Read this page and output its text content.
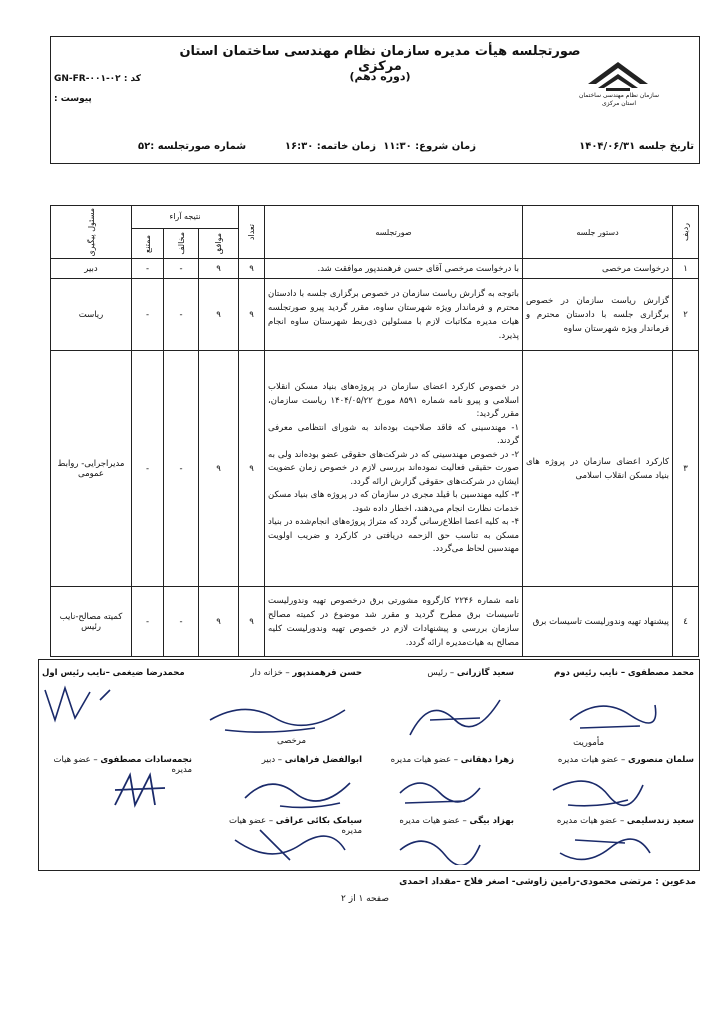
صورتجلسه هیأت مدیره سازمان نظام مهندسی ساختمان استان مرکزی
(دوره دهم)
سازمان نظام مهندسی ساختمان استان مرکزی
کد : GN-FR-۰۰۱-۰۲
پیوست :
تاریخ جلسه ۱۴۰۴/۰۶/۳۱
زمان شروع: ۱۱:۳۰
زمان خاتمه: ۱۶:۳۰
شماره صورتجلسه :۵۲
ردیف	دستور جلسه	صورتجلسه	تعداد	نتیجه آراء			مسئول پیگیری

				موافق	مخالف	ممتنع	

۱	درخواست مرخصی	با درخواست مرخصی آقای حسن فرهمندپور موافقت شد.	۹	۹	-	-	دبیر
۲	گزارش ریاست سازمان در خصوص برگزاری جلسه با دادستان محترم و فرماندار ویژه شهرستان ساوه	باتوجه به گزارش ریاست سازمان در خصوص برگزاری جلسه با دادستان محترم و فرماندار ویژه شهرستان ساوه، مقرر گردید پیرو صورتجلسه هیات مدیره مکاتبات لازم با مسئولین ذی‌ربط شهرستان ساوه انجام پذیرد.	۹	۹	-	-	ریاست
۳	کارکرد اعضای سازمان در پروژه های بنیاد مسکن انقلاب اسلامی	در خصوص کارکرد اعضای سازمان در پروژه‌های بنیاد مسکن انقلاب اسلامی و پیرو نامه شماره ۸۵۹۱ مورخ ۱۴۰۴/۰۵/۲۲ ریاست سازمان، مقرر گردید:
۱- مهندسینی که فاقد صلاحیت بوده‌اند به شورای انتظامی معرفی گردند.
۲- در خصوص مهندسینی که در شرکت‌های حقوقی عضو بوده‌اند ولی به صورت حقیقی فعالیت نموده‌اند بررسی لازم در خصوص زمان عضویت ایشان در شرکت‌های حقوقی گزارش ارائه گردد.
۳- کلیه مهندسین با قیلد مجری در سازمان که در پروژه های بنیاد مسکن خدمات نظارت انجام می‌دهند، اخطار داده شود.
۴- به کلیه اعضا اطلاع‌رسانی گردد که متراژ پروژه‌های انجام‌شده در بنیاد مسکن به تناسب حق الزحمه دریافتی در کارکرد و ضریب اولویت مهندسین لحاظ می‌گردد.	۹	۹	-	-	مدیراجرایی- روابط عمومی
٤	پیشنهاد تهیه وندورلیست تاسیسات برق	نامه شماره ۲۲۴۶ کارگروه مشورتی برق درخصوص تهیه وندورلیست تاسیسات برق مطرح گردید و مقرر شد موضوع در کمیته مصالح سازمان بررسی و پیشنهادات لازم در خصوص تهیه وندورلیست کلیه مصالح به هیات‌مدیره ارائه گردد.	۹	۹	-	-	کمیته مصالح-نایب رئیس
محمد مصطفوی – نایب رئیس دوم
مأموریت
سعید گازرانی – رئیس
حسن فرهمندپور – خزانه دار
مرخصی
محمدرضا ضیغمی –نایب رئیس اول
سلمان منصوری – عضو هیات مدیره
زهرا دهقانی – عضو هیات مدیره
ابوالفضل فراهانی – دبیر
نجمه‌سادات مصطفوی – عضو هیات مدیره
سعید زندسلیمی – عضو هیات مدیره
بهزاد بیگی – عضو هیات مدیره
سیامک بکائی عراقی – عضو هیات مدیره
مدعوین : مرتضی محمودی-رامین زاوشی- اصغر فلاح –مقداد احمدی
صفحه ۱ از ۲
